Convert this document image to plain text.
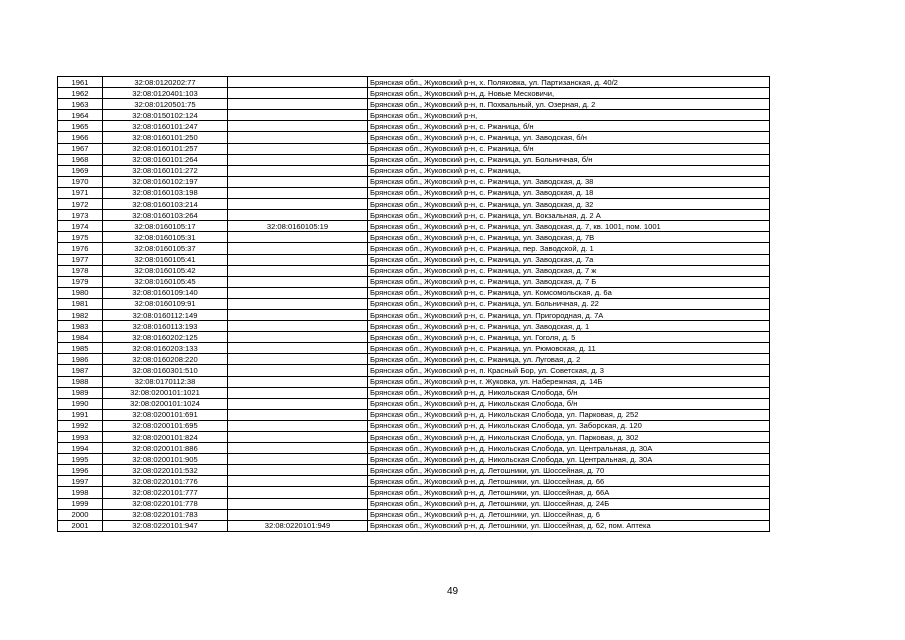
1961	32:08:0120202:77		Брянская обл., Жуковский р-н, х. Поляковка, ул. Партизанская, д. 40/2
1962	32:08:0120401:103		Брянская обл., Жуковский р-н, д. Новые Месковичи,
1963	32:08:0120501:75		Брянская обл., Жуковский р-н, п. Похвальный, ул. Озерная, д. 2
1964	32:08:0150102:124		Брянская обл., Жуковский р-н,
1965	32:08:0160101:247		Брянская обл., Жуковский р-н, с. Ржаница, б/н
1966	32:08:0160101:250		Брянская обл., Жуковский р-н, с. Ржаница, ул. Заводская, б/н
1967	32:08:0160101:257		Брянская обл., Жуковский р-н, с. Ржаница, б/н
1968	32:08:0160101:264		Брянская обл., Жуковский р-н, с. Ржаница, ул. Больничная, б/н
1969	32:08:0160101:272		Брянская обл., Жуковский р-н, с. Ржаница,
1970	32:08:0160102:197		Брянская обл., Жуковский р-н, с. Ржаница, ул. Заводская, д. 38
1971	32:08:0160103:198		Брянская обл., Жуковский р-н, с. Ржаница, ул. Заводская, д. 18
1972	32:08:0160103:214		Брянская обл., Жуковский р-н, с. Ржаница, ул. Заводская, д. 32
1973	32:08:0160103:264		Брянская обл., Жуковский р-н, с. Ржаница, ул. Вокзальная, д. 2 А
1974	32:08:0160105:17	32:08:0160105:19	Брянская обл., Жуковский р-н, с. Ржаница, ул. Заводская, д. 7, кв. 1001, пом. 1001
1975	32:08:0160105:31		Брянская обл., Жуковский р-н, с. Ржаница, ул. Заводская, д. 7В
1976	32:08:0160105:37		Брянская обл., Жуковский р-н, с. Ржаница, пер. Заводской, д. 1
1977	32:08:0160105:41		Брянская обл., Жуковский р-н, с. Ржаница, ул. Заводская, д. 7а
1978	32:08:0160105:42		Брянская обл., Жуковский р-н, с. Ржаница, ул. Заводская, д. 7 ж
1979	32:08:0160105:45		Брянская обл., Жуковский р-н, с. Ржаница, ул. Заводская, д. 7 Б
1980	32:08:0160109:140		Брянская обл., Жуковский р-н, с. Ржаница, ул. Комсомольская, д. 6а
1981	32:08:0160109:91		Брянская обл., Жуковский р-н, с. Ржаница, ул. Больничная, д. 22
1982	32:08:0160112:149		Брянская обл., Жуковский р-н, с. Ржаница, ул. Пригородная, д. 7А
1983	32:08:0160113:193		Брянская обл., Жуковский р-н, с. Ржаница, ул. Заводская, д. 1
1984	32:08:0160202:125		Брянская обл., Жуковский р-н, с. Ржаница, ул. Гоголя, д. 5
1985	32:08:0160203:133		Брянская обл., Жуковский р-н, с. Ржаница, ул. Рюмовская, д. 11
1986	32:08:0160208:220		Брянская обл., Жуковский р-н, с. Ржаница, ул. Луговая, д. 2
1987	32:08:0160301:510		Брянская обл., Жуковский р-н, п. Красный Бор, ул. Советская, д. 3
1988	32:08:0170112:38		Брянская обл., Жуковский р-н, г. Жуковка, ул. Набережная, д. 14Б
1989	32:08:0200101:1021		Брянская обл., Жуковский р-н, д. Никольская Слобода, б/н
1990	32:08:0200101:1024		Брянская обл., Жуковский р-н, д. Никольская Слобода, б/н
1991	32:08:0200101:691		Брянская обл., Жуковский р-н, д. Никольская Слобода, ул. Парковая, д. 252
1992	32:08:0200101:695		Брянская обл., Жуковский р-н, д. Никольская Слобода, ул. Заборская, д. 120
1993	32:08:0200101:824		Брянская обл., Жуковский р-н, д. Никольская Слобода, ул. Парковая, д. 302
1994	32:08:0200101:886		Брянская обл., Жуковский р-н, д. Никольская Слобода, ул. Центральная, д. 30А
1995	32:08:0200101:905		Брянская обл., Жуковский р-н, д. Никольская Слобода, ул. Центральная, д. 30А
1996	32:08:0220101:532		Брянская обл., Жуковский р-н, д. Летошники, ул. Шоссейная, д. 70
1997	32:08:0220101:776		Брянская обл., Жуковский р-н, д. Летошники, ул. Шоссейная, д. 66
1998	32:08:0220101:777		Брянская обл., Жуковский р-н, д. Летошники, ул. Шоссейная, д. 66А
1999	32:08:0220101:778		Брянская обл., Жуковский р-н, д. Летошники, ул. Шоссейная, д. 24Б
2000	32:08:0220101:783		Брянская обл., Жуковский р-н, д. Летошники, ул. Шоссейная, д. 6
2001	32:08:0220101:947	32:08:0220101:949	Брянская обл., Жуковский р-н, д. Летошники, ул. Шоссейная, д. 62, пом. Аптека
49
